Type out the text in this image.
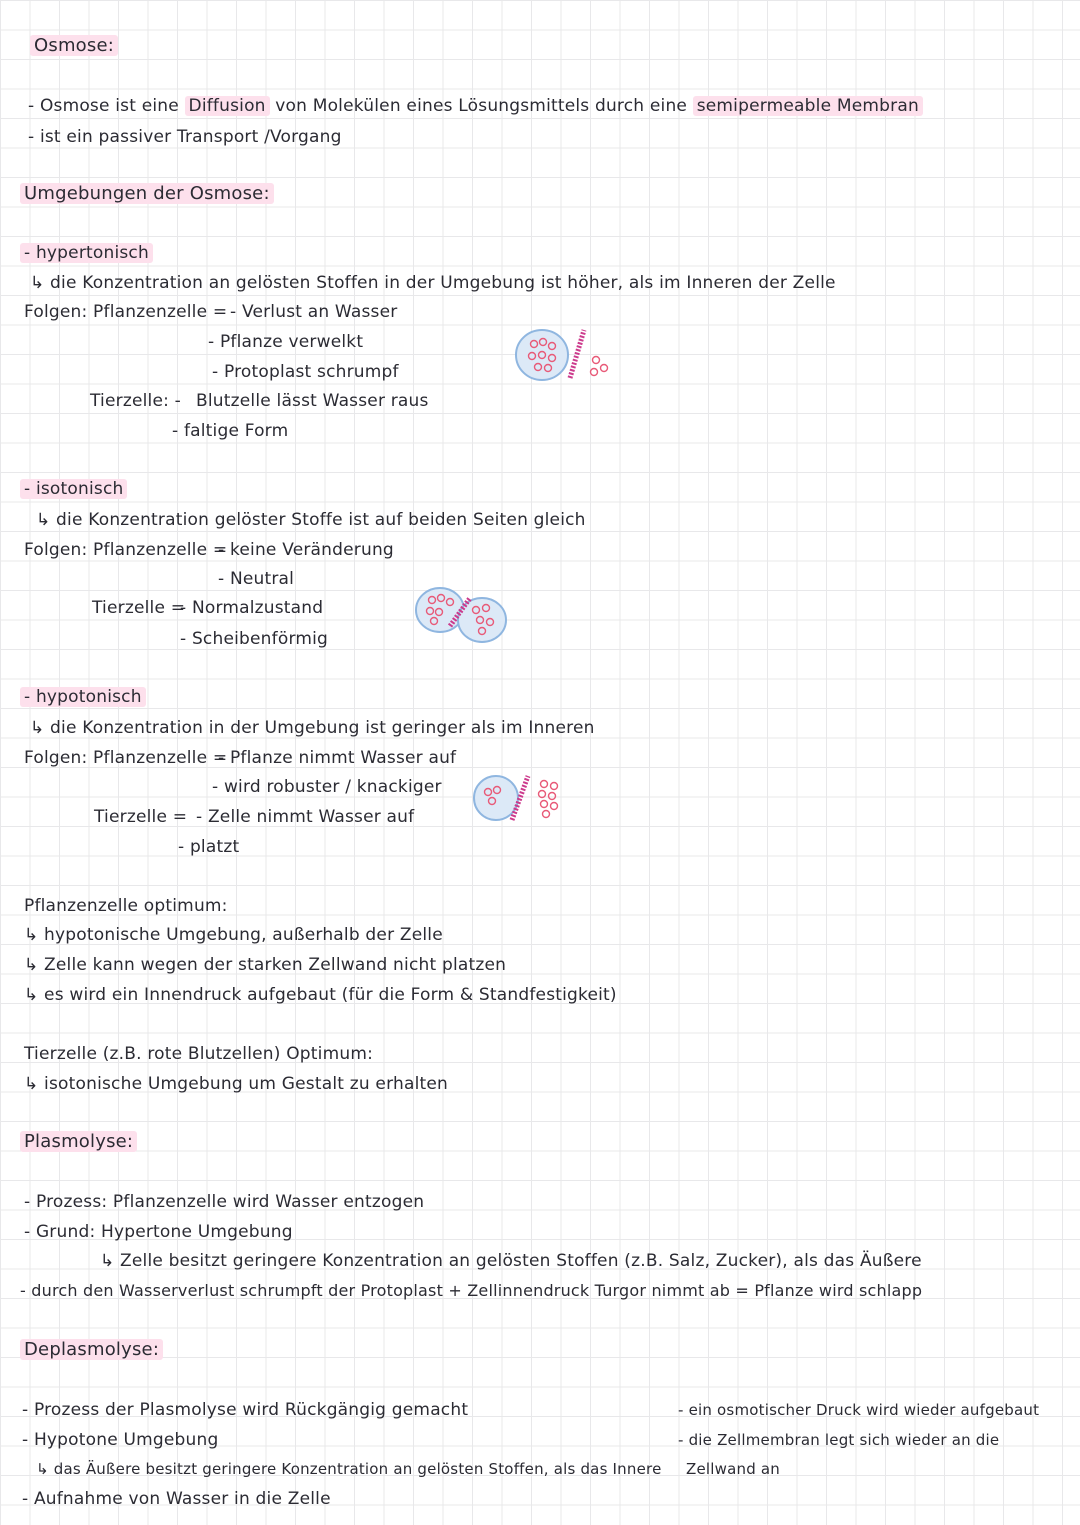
Osmose:
- Osmose ist eine Diffusion von Molekülen eines Lösungsmittels durch eine semipermeable Membran
- ist ein passiver Transport /Vorgang
Umgebungen der Osmose:
- hypertonisch
↳ die Konzentration an gelösten Stoffen in der Umgebung ist höher, als im Inneren der Zelle
Folgen: Pflanzenzelle = - Verlust an Wasser
- Pflanze verwelkt
- Protoplast schrumpf
Tierzelle: - Blutzelle lässt Wasser raus
- faltige Form
- isotonisch
↳ die Konzentration gelöster Stoffe ist auf beiden Seiten gleich
Folgen: Pflanzenzelle =
- keine Veränderung
- Neutral
Tierzelle =
- Normalzustand
- Scheibenförmig
- hypotonisch
↳ die Konzentration in der Umgebung ist geringer als im Inneren
Folgen: Pflanzenzelle =
- Pflanze nimmt Wasser auf
- wird robuster / knackiger
Tierzelle = - Zelle nimmt Wasser auf
- platzt
Pflanzenzelle optimum:
↳ hypotonische Umgebung, außerhalb der Zelle
↳ Zelle kann wegen der starken Zellwand nicht platzen
↳ es wird ein Innendruck aufgebaut (für die Form & Standfestigkeit)
Tierzelle (z.B. rote Blutzellen) Optimum:
↳ isotonische Umgebung um Gestalt zu erhalten
Plasmolyse:
- Prozess: Pflanzenzelle wird Wasser entzogen
- Grund: Hypertone Umgebung
↳ Zelle besitzt geringere Konzentration an gelösten Stoffen (z.B. Salz, Zucker), als das Äußere
- durch den Wasserverlust schrumpft der Protoplast + Zellinnendruck Turgor nimmt ab = Pflanze wird schlapp
Deplasmolyse:
- Prozess der Plasmolyse wird Rückgängig gemacht
- Hypotone Umgebung
↳ das Äußere besitzt geringere Konzentration an gelösten Stoffen, als das Innere
- Aufnahme von Wasser in die Zelle
- ein osmotischer Druck wird wieder aufgebaut
- die Zellmembran legt sich wieder an die
Zellwand an
